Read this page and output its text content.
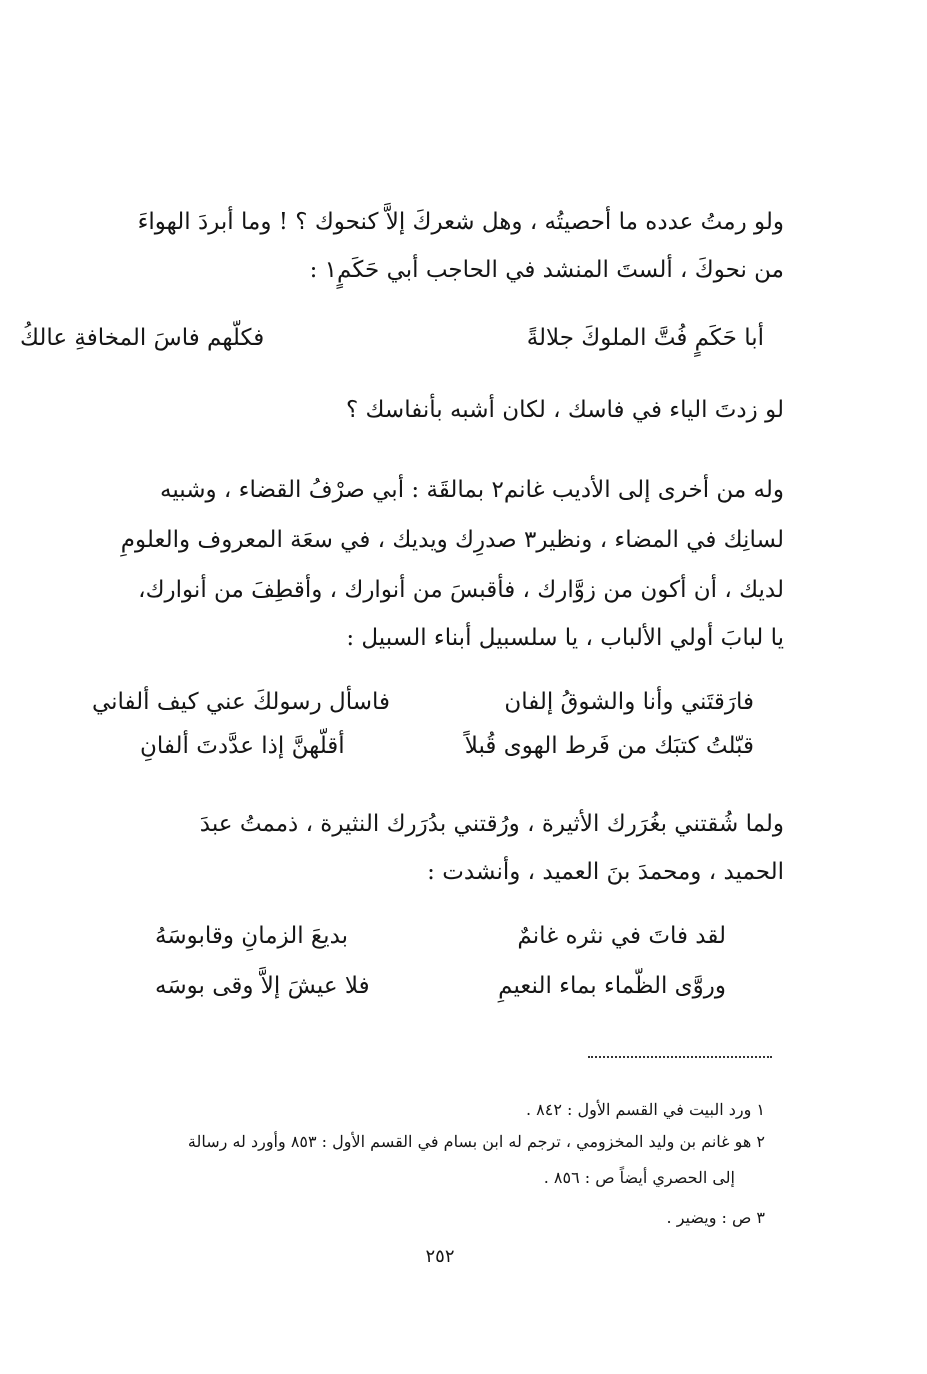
ولو رمتُ عدده ما أحصيتُه ، وهل شعركَ إلاَّ كنحوك ؟ ! وما أبردَ الهواءَ
من نحوكَ ، ألستَ المنشد في الحاجب أبي حَكَمٍ١ :
أبا حَكَمٍ فُتَّ الملوكَ جلالةً
فكلّهم فاسَ المخافةِ عالكُ
لو زدتَ الياء في فاسك ، لكان أشبه بأنفاسك ؟
وله من أخرى إلى الأديب غانم٢ بمالقَة : أبي صرْفُ القضاء ، وشبيه
لسانِك في المضاء ، ونظير٣ صدرِك ويديك ، في سعَة المعروف والعلومِ
لديك ، أن أكون من زوَّارك ، فأقبسَ من أنوارك ، وأقطِفَ من أنوارك،
يا لبابَ أولي الألباب ، يا سلسبيل أبناء السبيل :
فارَقتَني وأنا والشوقُ إلفان
فاسأل رسولكَ عني كيف ألفاني
قبّلتُ كتبَك من فَرط الهوى قُبلاً
أقلّهنَّ إذا عدَّدتَ ألفانِ
ولما شُقتني بغُرَرك الأثيرة ، ورُقتني بدُرَرك النثيرة ، ذممتُ عبدَ
الحميد ، ومحمدَ بنَ العميد ، وأنشدت :
لقد فاتَ في نثره غانمٌ
بديعَ الزمانِ وقابوسَهُ
وروَّى الظّماء بماء النعيمِ
فلا عيشَ إلاَّ وقى بوسَه
١ ورد البيت في القسم الأول : ٨٤٢ .
٢ هو غانم بن وليد المخزومي ، ترجم له ابن بسام في القسم الأول : ٨٥٣ وأورد له رسالة
إلى الحصري أيضاً ص : ٨٥٦ .
٣ ص : ويضير .
٢٥٢
